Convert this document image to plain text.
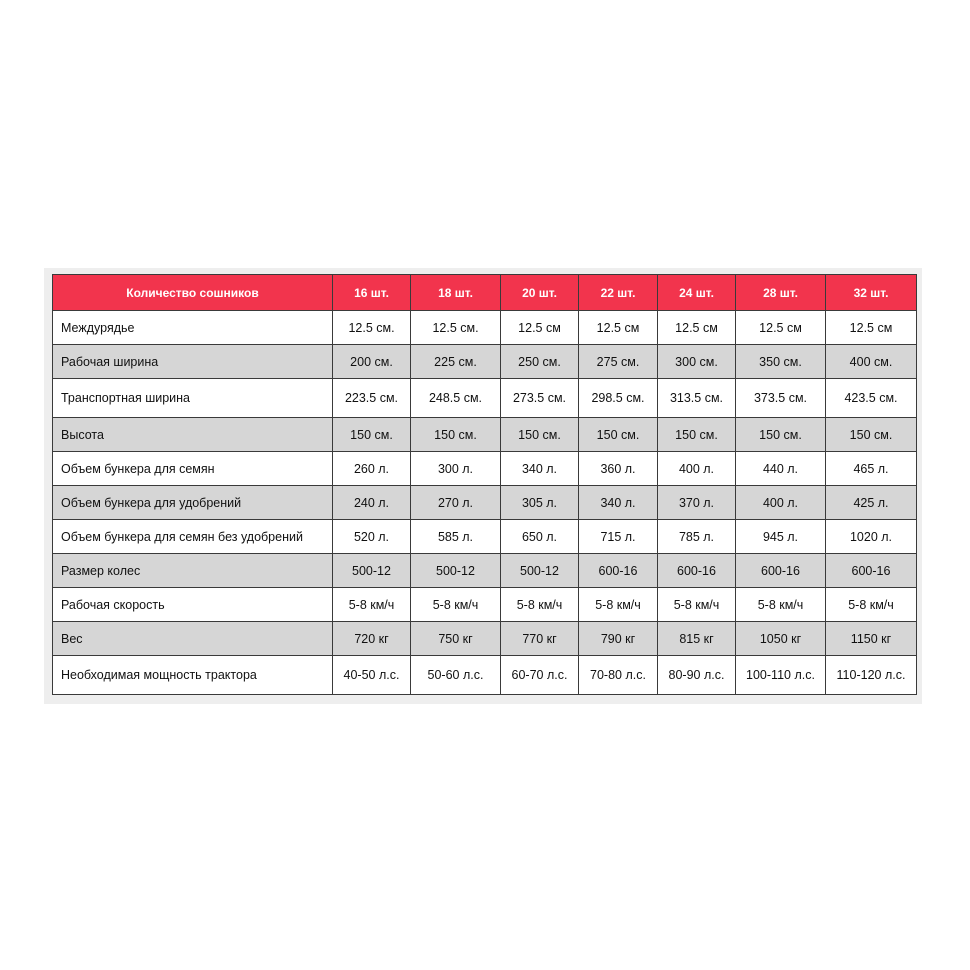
Количество сошников	16 шт.	18 шт.	20 шт.	22 шт.	24 шт.	28 шт.	32 шт.
Междурядье	12.5 см.	12.5 см.	12.5 см	12.5 см	12.5 см	12.5 см	12.5 см
Рабочая ширина	200 см.	225 см.	250 см.	275 см.	300 см.	350 см.	400 см.
Транспортная ширина	223.5 см.	248.5 см.	273.5 см.	298.5 см.	313.5 см.	373.5 см.	423.5 см.
Высота	150 см.	150 см.	150 см.	150 см.	150 см.	150 см.	150 см.
Объем бункера для семян	260 л.	300 л.	340 л.	360 л.	400 л.	440 л.	465 л.
Объем бункера для удобрений	240 л.	270 л.	305 л.	340 л.	370 л.	400 л.	425 л.
Объем бункера для семян без удобрений	520 л.	585 л.	650 л.	715 л.	785 л.	945 л.	1020 л.
Размер колес	500-12	500-12	500-12	600-16	600-16	600-16	600-16
Рабочая скорость	5-8 км/ч	5-8 км/ч	5-8 км/ч	5-8 км/ч	5-8 км/ч	5-8 км/ч	5-8 км/ч
Вес	720 кг	750 кг	770 кг	790 кг	815 кг	1050 кг	1150 кг
Необходимая мощность трактора	40-50 л.с.	50-60 л.с.	60-70 л.с.	70-80 л.с.	80-90 л.с.	100-110 л.с.	110-120 л.с.
